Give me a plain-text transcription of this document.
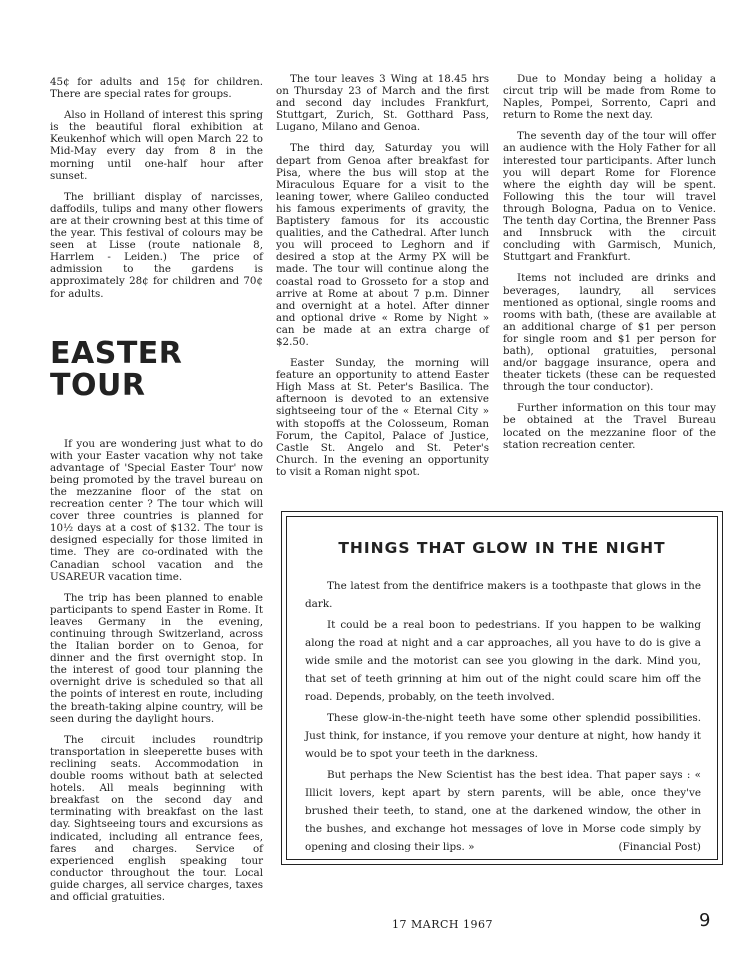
45¢ for adults and 15¢ for children. There are special rates for groups.

Also in Holland of interest this spring is the beautiful floral exhibition at Keukenhof which will open March 22 to Mid-May every day from 8 in the morning until one-half hour after sunset.

The brilliant display of narcisses, daffodils, tulips and many other flowers are at their crowning best at this time of the year. This festival of colours may be seen at Lisse (route nationale 8, Harrlem - Leiden.) The price of admission to the gardens is approximately 28¢ for children and 70¢ for adults.

EASTER TOUR

If you are wondering just what to do with your Easter vacation why not take advantage of 'Special Easter Tour' now being promoted by the travel bureau on the mezzanine floor of the stat on recreation center ? The tour which will cover three countries is planned for 10½ days at a cost of $132. The tour is designed especially for those limited in time. They are co-ordinated with the Canadian school vacation and the USAREUR vacation time.

The trip has been planned to enable participants to spend Easter in Rome. It leaves Germany in the evening, continuing through Switzerland, across the Italian border on to Genoa, for dinner and the first overnight stop. In the interest of good tour planning the overnight drive is scheduled so that all the points of interest en route, including the breath-taking alpine country, will be seen during the daylight hours.

The circuit includes roundtrip transportation in sleeperette buses with reclining seats. Accommodation in double rooms without bath at selected hotels. All meals beginning with breakfast on the second day and terminating with breakfast on the last day. Sightseeing tours and excursions as indicated, including all entrance fees, fares and charges. Service of experienced english speaking tour conductor throughout the tour. Local guide charges, all service charges, taxes and official gratuities.

The tour leaves 3 Wing at 18.45 hrs on Thursday 23 of March and the first and second day includes Frankfurt, Stuttgart, Zurich, St. Gotthard Pass, Lugano, Milano and Genoa.

The third day, Saturday you will depart from Genoa after breakfast for Pisa, where the bus will stop at the Miraculous Equare for a visit to the leaning tower, where Galileo conducted his famous experiments of gravity, the Baptistery famous for its accoustic qualities, and the Cathedral. After lunch you will proceed to Leghorn and if desired a stop at the Army PX will be made. The tour will continue along the coastal road to Grosseto for a stop and arrive at Rome at about 7 p.m. Dinner and overnight at a hotel. After dinner and optional drive « Rome by Night » can be made at an extra charge of $2.50.

Easter Sunday, the morning will feature an opportunity to attend Easter High Mass at St. Peter's Basilica. The afternoon is devoted to an extensive sightseeing tour of the « Eternal City » with stopoffs at the Colosseum, Roman Forum, the Capitol, Palace of Justice, Castle St. Angelo and St. Peter's Church. In the evening an opportunity to visit a Roman night spot.

Due to Monday being a holiday a circut trip will be made from Rome to Naples, Pompei, Sorrento, Capri and return to Rome the next day.

The seventh day of the tour will offer an audience with the Holy Father for all interested tour participants. After lunch you will depart Rome for Florence where the eighth day will be spent. Following this the tour will travel through Bologna, Padua on to Venice. The tenth day Cortina, the Brenner Pass and Innsbruck with the circuit concluding with Garmisch, Munich, Stuttgart and Frankfurt.

Items not included are drinks and beverages, laundry, all services mentioned as optional, single rooms and rooms with bath, (these are available at an additional charge of $1 per person for single room and $1 per person for bath), optional gratuities, personal and/or baggage insurance, opera and theater tickets (these can be requested through the tour conductor).

Further information on this tour may be obtained at the Travel Bureau located on the mezzanine floor of the station recreation center.

THINGS THAT GLOW IN THE NIGHT

The latest from the dentifrice makers is a toothpaste that glows in the dark.

It could be a real boon to pedestrians. If you happen to be walking along the road at night and a car approaches, all you have to do is give a wide smile and the motorist can see you glowing in the dark. Mind you, that set of teeth grinning at him out of the night could scare him off the road. Depends, probably, on the teeth involved.

These glow-in-the-night teeth have some other splendid possibilities. Just think, for instance, if you remove your denture at night, how handy it would be to spot your teeth in the darkness.

But perhaps the New Scientist has the best idea. That paper says : « Illicit lovers, kept apart by stern parents, will be able, once they've brushed their teeth, to stand, one at the darkened window, the other in the bushes, and exchange hot messages of love in Morse code simply by opening and closing their lips. »	(Financial Post)

17 MARCH 1967	9
